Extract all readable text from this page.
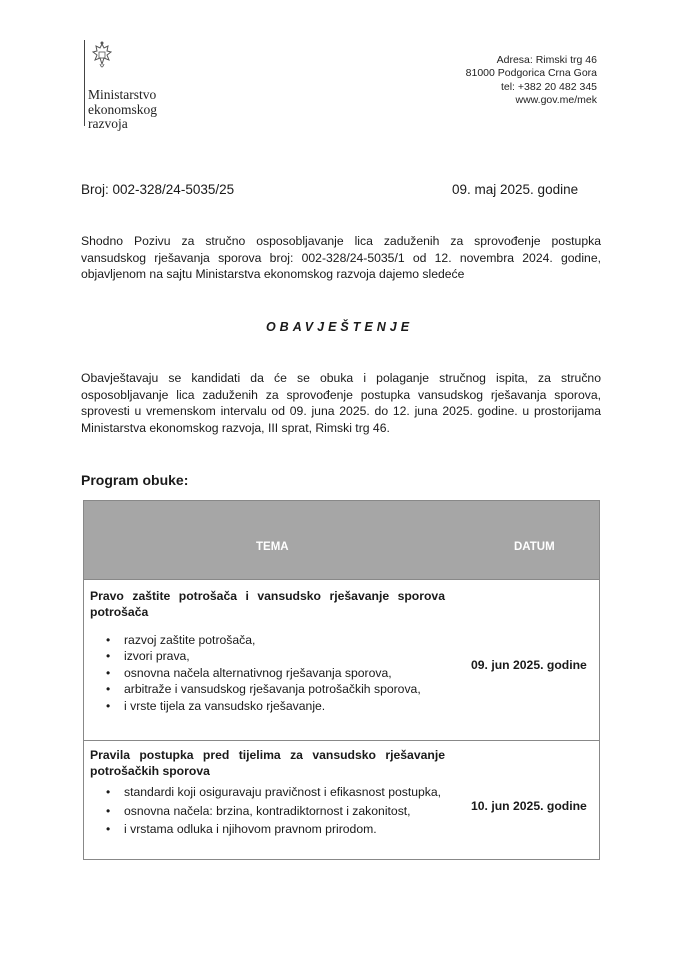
Ministarstvo
ekonomskog
razvoja
Adresa: Rimski trg 46
81000 Podgorica Crna Gora
tel: +382 20 482 345
www.gov.me/mek
Broj: 002-328/24-5035/25	09. maj 2025. godine
Shodno Pozivu za stručno osposobljavanje lica zaduženih za sprovođenje postupka vansudskog rješavanja sporova broj: 002-328/24-5035/1 od 12. novembra 2024. godine, objavljenom na sajtu Ministarstva ekonomskog razvoja dajemo sledeće
OBAVJEŠTENJE
Obavještavaju se kandidati da će se obuka i polaganje stručnog ispita, za stručno osposobljavanje lica zaduženih za sprovođenje postupka vansudskog rješavanja sporova, sprovesti u vremenskom intervalu od 09. juna 2025. do 12. juna 2025. godine. u prostorijama Ministarstva ekonomskog razvoja, III sprat, Rimski trg 46.
Program obuke:
TEMA	DATUM
Pravo zaštite potrošača i vansudsko rješavanje sporova potrošača
• razvoj zaštite potrošača,
• izvori prava,
• osnovna načela alternativnog rješavanja sporova,
• arbitraže i vansudskog rješavanja potrošačkih sporova,
• i vrste tijela za vansudsko rješavanje.
09. jun 2025. godine
Pravila postupka pred tijelima za vansudsko rješavanje potrošačkih sporova
• standardi koji osiguravaju pravičnost i efikasnost postupka,
• osnovna načela: brzina, kontradiktornost i zakonitost,
• i vrstama odluka i njihovom pravnom prirodom.
10. jun 2025. godine
